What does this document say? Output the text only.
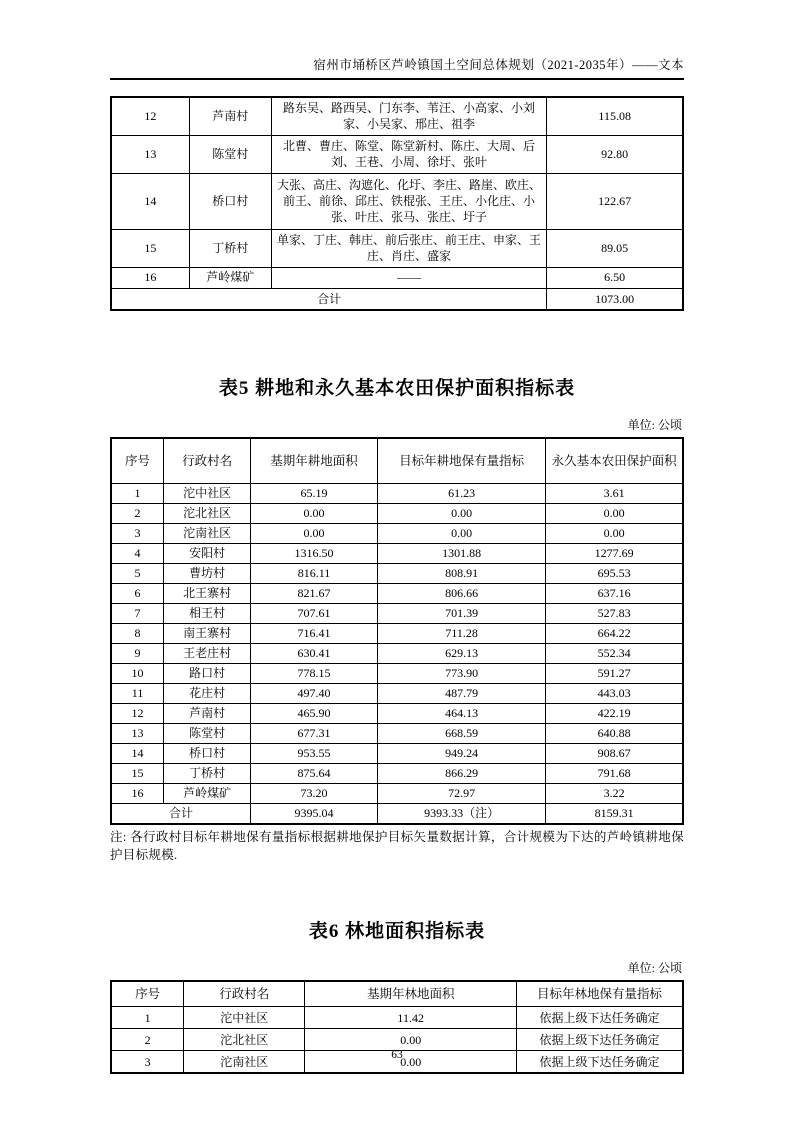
宿州市埇桥区芦岭镇国土空间总体规划（2021-2035年）——文本
12	芦南村	路东吴、路西吴、门东李、苇汪、小高家、小刘家、小吴家、邢庄、祖李	115.08
13	陈堂村	北曹、曹庄、陈堂、陈堂新村、陈庄、大周、后刘、王巷、小周、徐圩、张叶	92.80
14	桥口村	大张、高庄、沟遮化、化圩、李庄、路崖、欧庄、前王、前徐、邱庄、铁棍张、王庄、小化庄、小张、叶庄、张马、张庄、圩子	122.67
15	丁桥村	单家、丁庄、韩庄、前后张庄、前王庄、申家、王庄、肖庄、盛家	89.05
16	芦岭煤矿	——	6.50
合计			1073.00
表5 耕地和永久基本农田保护面积指标表
单位: 公顷
序号	行政村名	基期年耕地面积	目标年耕地保有量指标	永久基本农田保护面积
1	沱中社区	65.19	61.23	3.61
2	沱北社区	0.00	0.00	0.00
3	沱南社区	0.00	0.00	0.00
4	安阳村	1316.50	1301.88	1277.69
5	曹坊村	816.11	808.91	695.53
6	北王寨村	821.67	806.66	637.16
7	相王村	707.61	701.39	527.83
8	南王寨村	716.41	711.28	664.22
9	王老庄村	630.41	629.13	552.34
10	路口村	778.15	773.90	591.27
11	花庄村	497.40	487.79	443.03
12	芦南村	465.90	464.13	422.19
13	陈堂村	677.31	668.59	640.88
14	桥口村	953.55	949.24	908.67
15	丁桥村	875.64	866.29	791.68
16	芦岭煤矿	73.20	72.97	3.22
合计		9395.04	9393.33（注）	8159.31
注: 各行政村目标年耕地保有量指标根据耕地保护目标矢量数据计算，合计规模为下达的芦岭镇耕地保护目标规模.
表6 林地面积指标表
单位: 公顷
序号	行政村名	基期年林地面积	目标年林地保有量指标
1	沱中社区	11.42	依据上级下达任务确定
2	沱北社区	0.00	依据上级下达任务确定
3	沱南社区	0.00	依据上级下达任务确定
63
